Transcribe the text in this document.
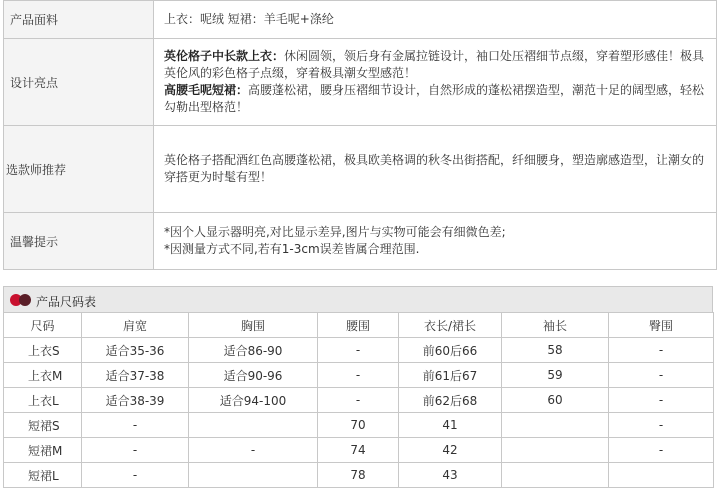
产品面料	上衣：呢绒 短裙：羊毛呢+涤纶
设计亮点	英伦格子中长款上衣：休闲圆领，领后身有金属拉链设计，袖口处压褶细节点缀，穿着塑形感佳！极具英伦风的彩色格子点缀，穿着极具潮女型感范！
高腰毛呢短裙：高腰蓬松裙，腰身压褶细节设计，自然形成的蓬松裙摆造型，潮范十足的阔型感，轻松勾勒出型格范！

选款师推荐	英伦格子搭配酒红色高腰蓬松裙，极具欧美格调的秋冬出街搭配，纤细腰身，塑造廓感造型，让潮女的穿搭更为时髦有型！
温馨提示	*因个人显示器明亮,对比显示差异,图片与实物可能会有细微色差;
*因测量方式不同,若有1-3cm误差皆属合理范围.
产品尺码表
尺码	肩宽	胸围	腰围	衣长/裙长	袖长	臀围
上衣S	适合35-36	适合86-90	-	前60后66	58	-
上衣M	适合37-38	适合90-96	-	前61后67	59	-
上衣L	适合38-39	适合94-100	-	前62后68	60	-
短裙S	-		70	41		-
短裙M	-	-	74	42		-
短裙L	-		78	43		
